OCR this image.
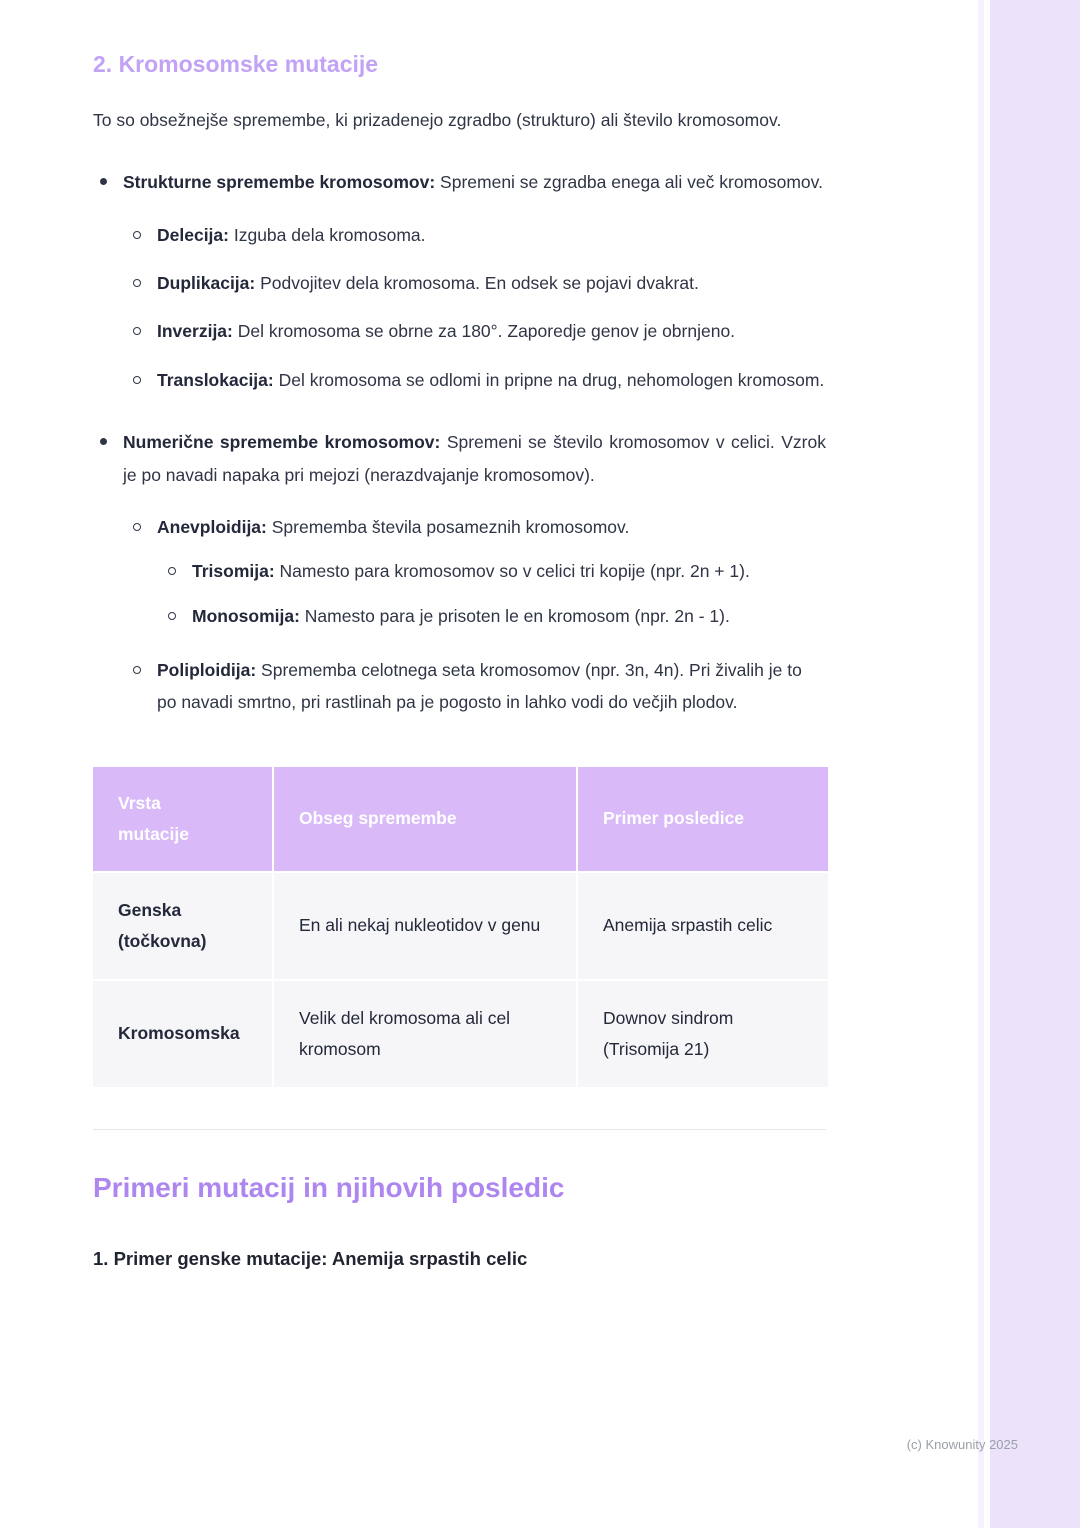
2. Kromosomske mutacije

To so obsežnejše spremembe, ki prizadenejo zgradbo (strukturo) ali število kromosomov.

Strukturne spremembe kromosomov: Spremeni se zgradba enega ali več kromosomov.
Delecija: Izguba dela kromosoma.
Duplikacija: Podvojitev dela kromosoma. En odsek se pojavi dvakrat.
Inverzija: Del kromosoma se obrne za 180°. Zaporedje genov je obrnjeno.
Translokacija: Del kromosoma se odlomi in pripne na drug, nehomologen kromosom.
Numerične spremembe kromosomov: Spremeni se število kromosomov v celici. Vzrok je po navadi napaka pri mejozi (nerazdvajanje kromosomov).
Anevploidija: Sprememba števila posameznih kromosomov.
Trisomija: Namesto para kromosomov so v celici tri kopije (npr. 2n + 1).
Monosomija: Namesto para je prisoten le en kromosom (npr. 2n - 1).
Poliploidija: Sprememba celotnega seta kromosomov (npr. 3n, 4n). Pri živalih je to po navadi smrtno, pri rastlinah pa je pogosto in lahko vodi do večjih plodov.
Vrsta mutacije
Obseg spremembe	Primer posledice
Genska (točkovna)
En ali nekaj nukleotidov v genu	Anemija srpastih celic
Kromosomska
Velik del kromosoma ali cel kromosom
Downov sindrom (Trisomija 21)
Primeri mutacij in njihovih posledic
1. Primer genske mutacije: Anemija srpastih celic
(c) Knowunity 2025
